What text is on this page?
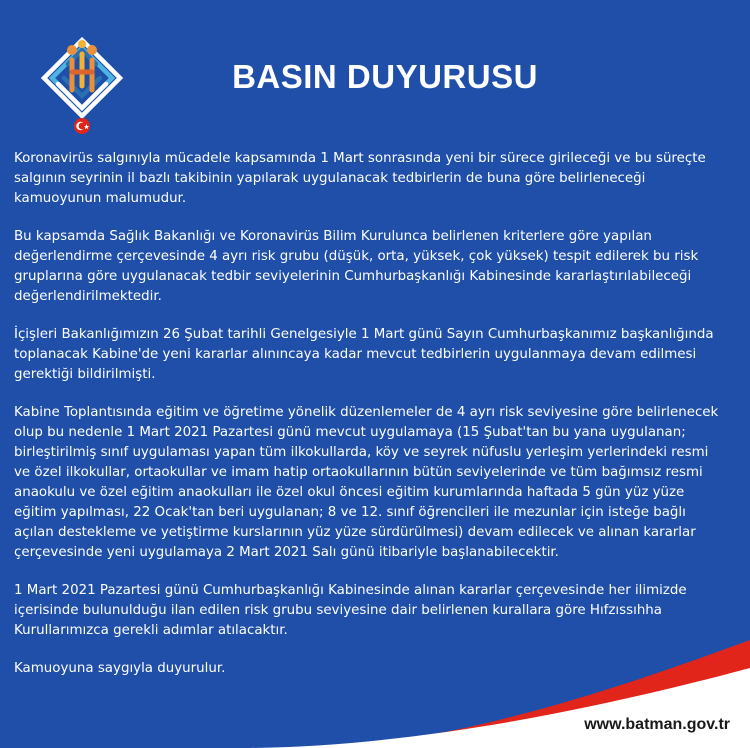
BASIN DUYURUSU

Koronavirüs salgınıyla mücadele kapsamında 1 Mart sonrasında yeni bir sürece girileceği ve bu süreçte salgının seyrinin il bazlı takibinin yapılarak uygulanacak tedbirlerin de buna göre belirleneceği kamuoyunun malumudur.

Bu kapsamda Sağlık Bakanlığı ve Koronavirüs Bilim Kurulunca belirlenen kriterlere göre yapılan değerlendirme çerçevesinde 4 ayrı risk grubu (düşük, orta, yüksek, çok yüksek) tespit edilerek bu risk gruplarına göre uygulanacak tedbir seviyelerinin Cumhurbaşkanlığı Kabinesinde kararlaştırılabileceği değerlendirilmektedir.

İçişleri Bakanlığımızın 26 Şubat tarihli Genelgesiyle 1 Mart günü Sayın Cumhurbaşkanımız başkanlığında toplanacak Kabine'de yeni kararlar alınıncaya kadar mevcut tedbirlerin uygulanmaya devam edilmesi gerektiği bildirilmişti.

Kabine Toplantısında eğitim ve öğretime yönelik düzenlemeler de 4 ayrı risk seviyesine göre belirlenecek olup bu nedenle 1 Mart 2021 Pazartesi günü mevcut uygulamaya (15 Şubat'tan bu yana uygulanan; birleştirilmiş sınıf uygulaması yapan tüm ilkokullarda, köy ve seyrek nüfuslu yerleşim yerlerindeki resmi ve özel ilkokullar, ortaokullar ve imam hatip ortaokullarının bütün seviyelerinde ve tüm bağımsız resmi anaokulu ve özel eğitim anaokulları ile özel okul öncesi eğitim kurumlarında haftada 5 gün yüz yüze eğitim yapılması, 22 Ocak'tan beri uygulanan; 8 ve 12. sınıf öğrencileri ile mezunlar için isteğe bağlı açılan destekleme ve yetiştirme kurslarının yüz yüze sürdürülmesi) devam edilecek ve alınan kararlar çerçevesinde yeni uygulamaya 2 Mart 2021 Salı günü itibariyle başlanabilecektir.

1 Mart 2021 Pazartesi günü Cumhurbaşkanlığı Kabinesinde alınan kararlar çerçevesinde her ilimizde içerisinde bulunulduğu ilan edilen risk grubu seviyesine dair belirlenen kurallara göre Hıfzıssıhha Kurullarımızca gerekli adımlar atılacaktır.

Kamuoyuna saygıyla duyurulur.

www.batman.gov.tr
